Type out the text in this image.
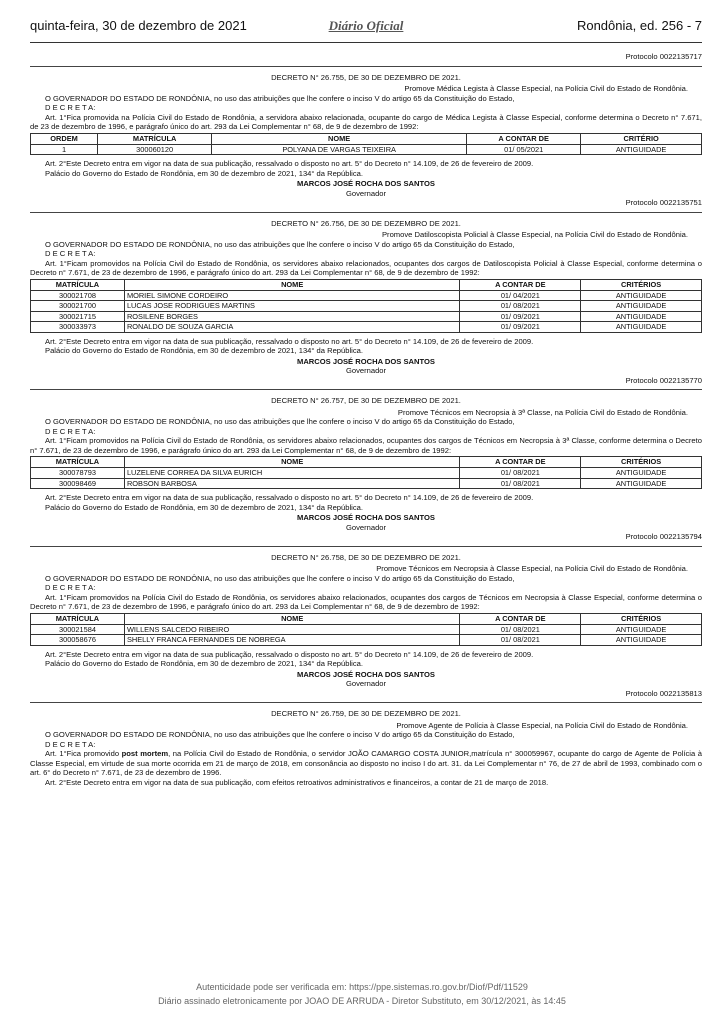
quinta-feira, 30 de dezembro de 2021	Diário Oficial	Rondônia, ed. 256 - 7
Protocolo 0022135717
DECRETO N° 26.755, DE 30 DE DEZEMBRO DE 2021.
Promove Médica Legista à Classe Especial, na Polícia Civil do Estado de Rondônia.
O GOVERNADOR DO ESTADO DE RONDÔNIA, no uso das atribuições que lhe confere o inciso V do artigo 65 da Constituição do Estado,
D E C R E T A:
Art. 1°Fica promovida na Polícia Civil do Estado de Rondônia, a servidora abaixo relacionada, ocupante do cargo de Médica Legista à Classe Especial, conforme determina o Decreto n° 7.671, de 23 de dezembro de 1996, e parágrafo único do art. 293 da Lei Complementar n° 68, de 9 de dezembro de 1992:
ORDEM	MATRÍCULA	NOME	A CONTAR DE	CRITÉRIO
1	300060120	POLYANA DE VARGAS TEIXEIRA	01/ 05/2021	ANTIGUIDADE
Art. 2°Este Decreto entra em vigor na data de sua publicação, ressalvado o disposto no art. 5° do Decreto n° 14.109, de 26 de fevereiro de 2009.
Palácio do Governo do Estado de Rondônia, em 30 de dezembro de 2021, 134° da República.
MARCOS JOSÉ ROCHA DOS SANTOS
Governador
Protocolo 0022135751
DECRETO N° 26.756, DE 30 DE DEZEMBRO DE 2021.
Promove Datiloscopista Policial à Classe Especial, na Polícia Civil do Estado de Rondônia.
O GOVERNADOR DO ESTADO DE RONDÔNIA, no uso das atribuições que lhe confere o inciso V do artigo 65 da Constituição do Estado,
D E C R E T A:
Art. 1°Ficam promovidos na Polícia Civil do Estado de Rondônia, os servidores abaixo relacionados, ocupantes dos cargos de Datiloscopista Policial à Classe Especial, conforme determina o Decreto n° 7.671, de 23 de dezembro de 1996, e parágrafo único do art. 293 da Lei Complementar n° 68, de 9 de dezembro de 1992:
MATRÍCULA	NOME	A CONTAR DE	CRITÉRIOS
300021708	MORIEL SIMONE CORDEIRO	01/ 04/2021	ANTIGUIDADE
300021700	LUCAS JOSE RODRIGUES MARTINS	01/ 08/2021	ANTIGUIDADE
300021715	ROSILENE BORGES	01/ 09/2021	ANTIGUIDADE
300033973	RONALDO DE SOUZA GARCIA	01/ 09/2021	ANTIGUIDADE
Art. 2°Este Decreto entra em vigor na data de sua publicação, ressalvado o disposto no art. 5° do Decreto n° 14.109, de 26 de fevereiro de 2009.
Palácio do Governo do Estado de Rondônia, em 30 de dezembro de 2021, 134° da República.
MARCOS JOSÉ ROCHA DOS SANTOS
Governador
Protocolo 0022135770
DECRETO N° 26.757, DE 30 DE DEZEMBRO DE 2021.
Promove Técnicos em Necropsia à 3ª Classe, na Polícia Civil do Estado de Rondônia.
O GOVERNADOR DO ESTADO DE RONDÔNIA, no uso das atribuições que lhe confere o inciso V do artigo 65 da Constituição do Estado,
D E C R E T A:
Art. 1°Ficam promovidos na Polícia Civil do Estado de Rondônia, os servidores abaixo relacionados, ocupantes dos cargos de Técnicos em Necropsia à 3ª Classe, conforme determina o Decreto n° 7.671, de 23 de dezembro de 1996, e parágrafo único do art. 293 da Lei Complementar n° 68, de 9 de dezembro de 1992:
MATRÍCULA	NOME	A CONTAR DE	CRITÉRIOS
300078793	LUZELENE CORREA DA SILVA EURICH	01/ 08/2021	ANTIGUIDADE
300098469	ROBSON BARBOSA	01/ 08/2021	ANTIGUIDADE
Art. 2°Este Decreto entra em vigor na data de sua publicação, ressalvado o disposto no art. 5° do Decreto n° 14.109, de 26 de fevereiro de 2009.
Palácio do Governo do Estado de Rondônia, em 30 de dezembro de 2021, 134° da República.
MARCOS JOSÉ ROCHA DOS SANTOS
Governador
Protocolo 0022135794
DECRETO N° 26.758, DE 30 DE DEZEMBRO DE 2021.
Promove Técnicos em Necropsia à Classe Especial, na Polícia Civil do Estado de Rondônia.
O GOVERNADOR DO ESTADO DE RONDÔNIA, no uso das atribuições que lhe confere o inciso V do artigo 65 da Constituição do Estado,
D E C R E T A:
Art. 1°Ficam promovidos na Polícia Civil do Estado de Rondônia, os servidores abaixo relacionados, ocupantes dos cargos de Técnicos em Necropsia à Classe Especial, conforme determina o Decreto n° 7.671, de 23 de dezembro de 1996, e parágrafo único do art. 293 da Lei Complementar n° 68, de 9 de dezembro de 1992:
MATRÍCULA	NOME	A CONTAR DE	CRITÉRIOS
300021584	WILLENS SALCEDO RIBEIRO	01/ 08/2021	ANTIGUIDADE
300058676	SHELLY FRANCA FERNANDES DE NOBREGA	01/ 08/2021	ANTIGUIDADE
Art. 2°Este Decreto entra em vigor na data de sua publicação, ressalvado o disposto no art. 5° do Decreto n° 14.109, de 26 de fevereiro de 2009.
Palácio do Governo do Estado de Rondônia, em 30 de dezembro de 2021, 134° da República.
MARCOS JOSÉ ROCHA DOS SANTOS
Governador
Protocolo 0022135813
DECRETO N° 26.759, DE 30 DE DEZEMBRO DE 2021.
Promove Agente de Polícia à Classe Especial, na Polícia Civil do Estado de Rondônia.
O GOVERNADOR DO ESTADO DE RONDÔNIA, no uso das atribuições que lhe confere o inciso V do artigo 65 da Constituição do Estado,
D E C R E T A:
Art. 1°Fica promovido post mortem, na Polícia Civil do Estado de Rondônia, o servidor JOÃO CAMARGO COSTA JUNIOR,matrícula n° 300059967, ocupante do cargo de Agente de Polícia à Classe Especial, em virtude de sua morte ocorrida em 21 de março de 2018, em consonância ao disposto no inciso I do art. 31. da Lei Complementar n° 76, de 27 de abril de 1993, combinado com o art. 6° do Decreto n° 7.671, de 23 de dezembro de 1996.
Art. 2°Este Decreto entra em vigor na data de sua publicação, com efeitos retroativos administrativos e financeiros, a contar de 21 de março de 2018.
Autenticidade pode ser verificada em: https://ppe.sistemas.ro.gov.br/Diof/Pdf/11529
Diário assinado eletronicamente por JOAO DE ARRUDA - Diretor Substituto, em 30/12/2021, às 14:45
